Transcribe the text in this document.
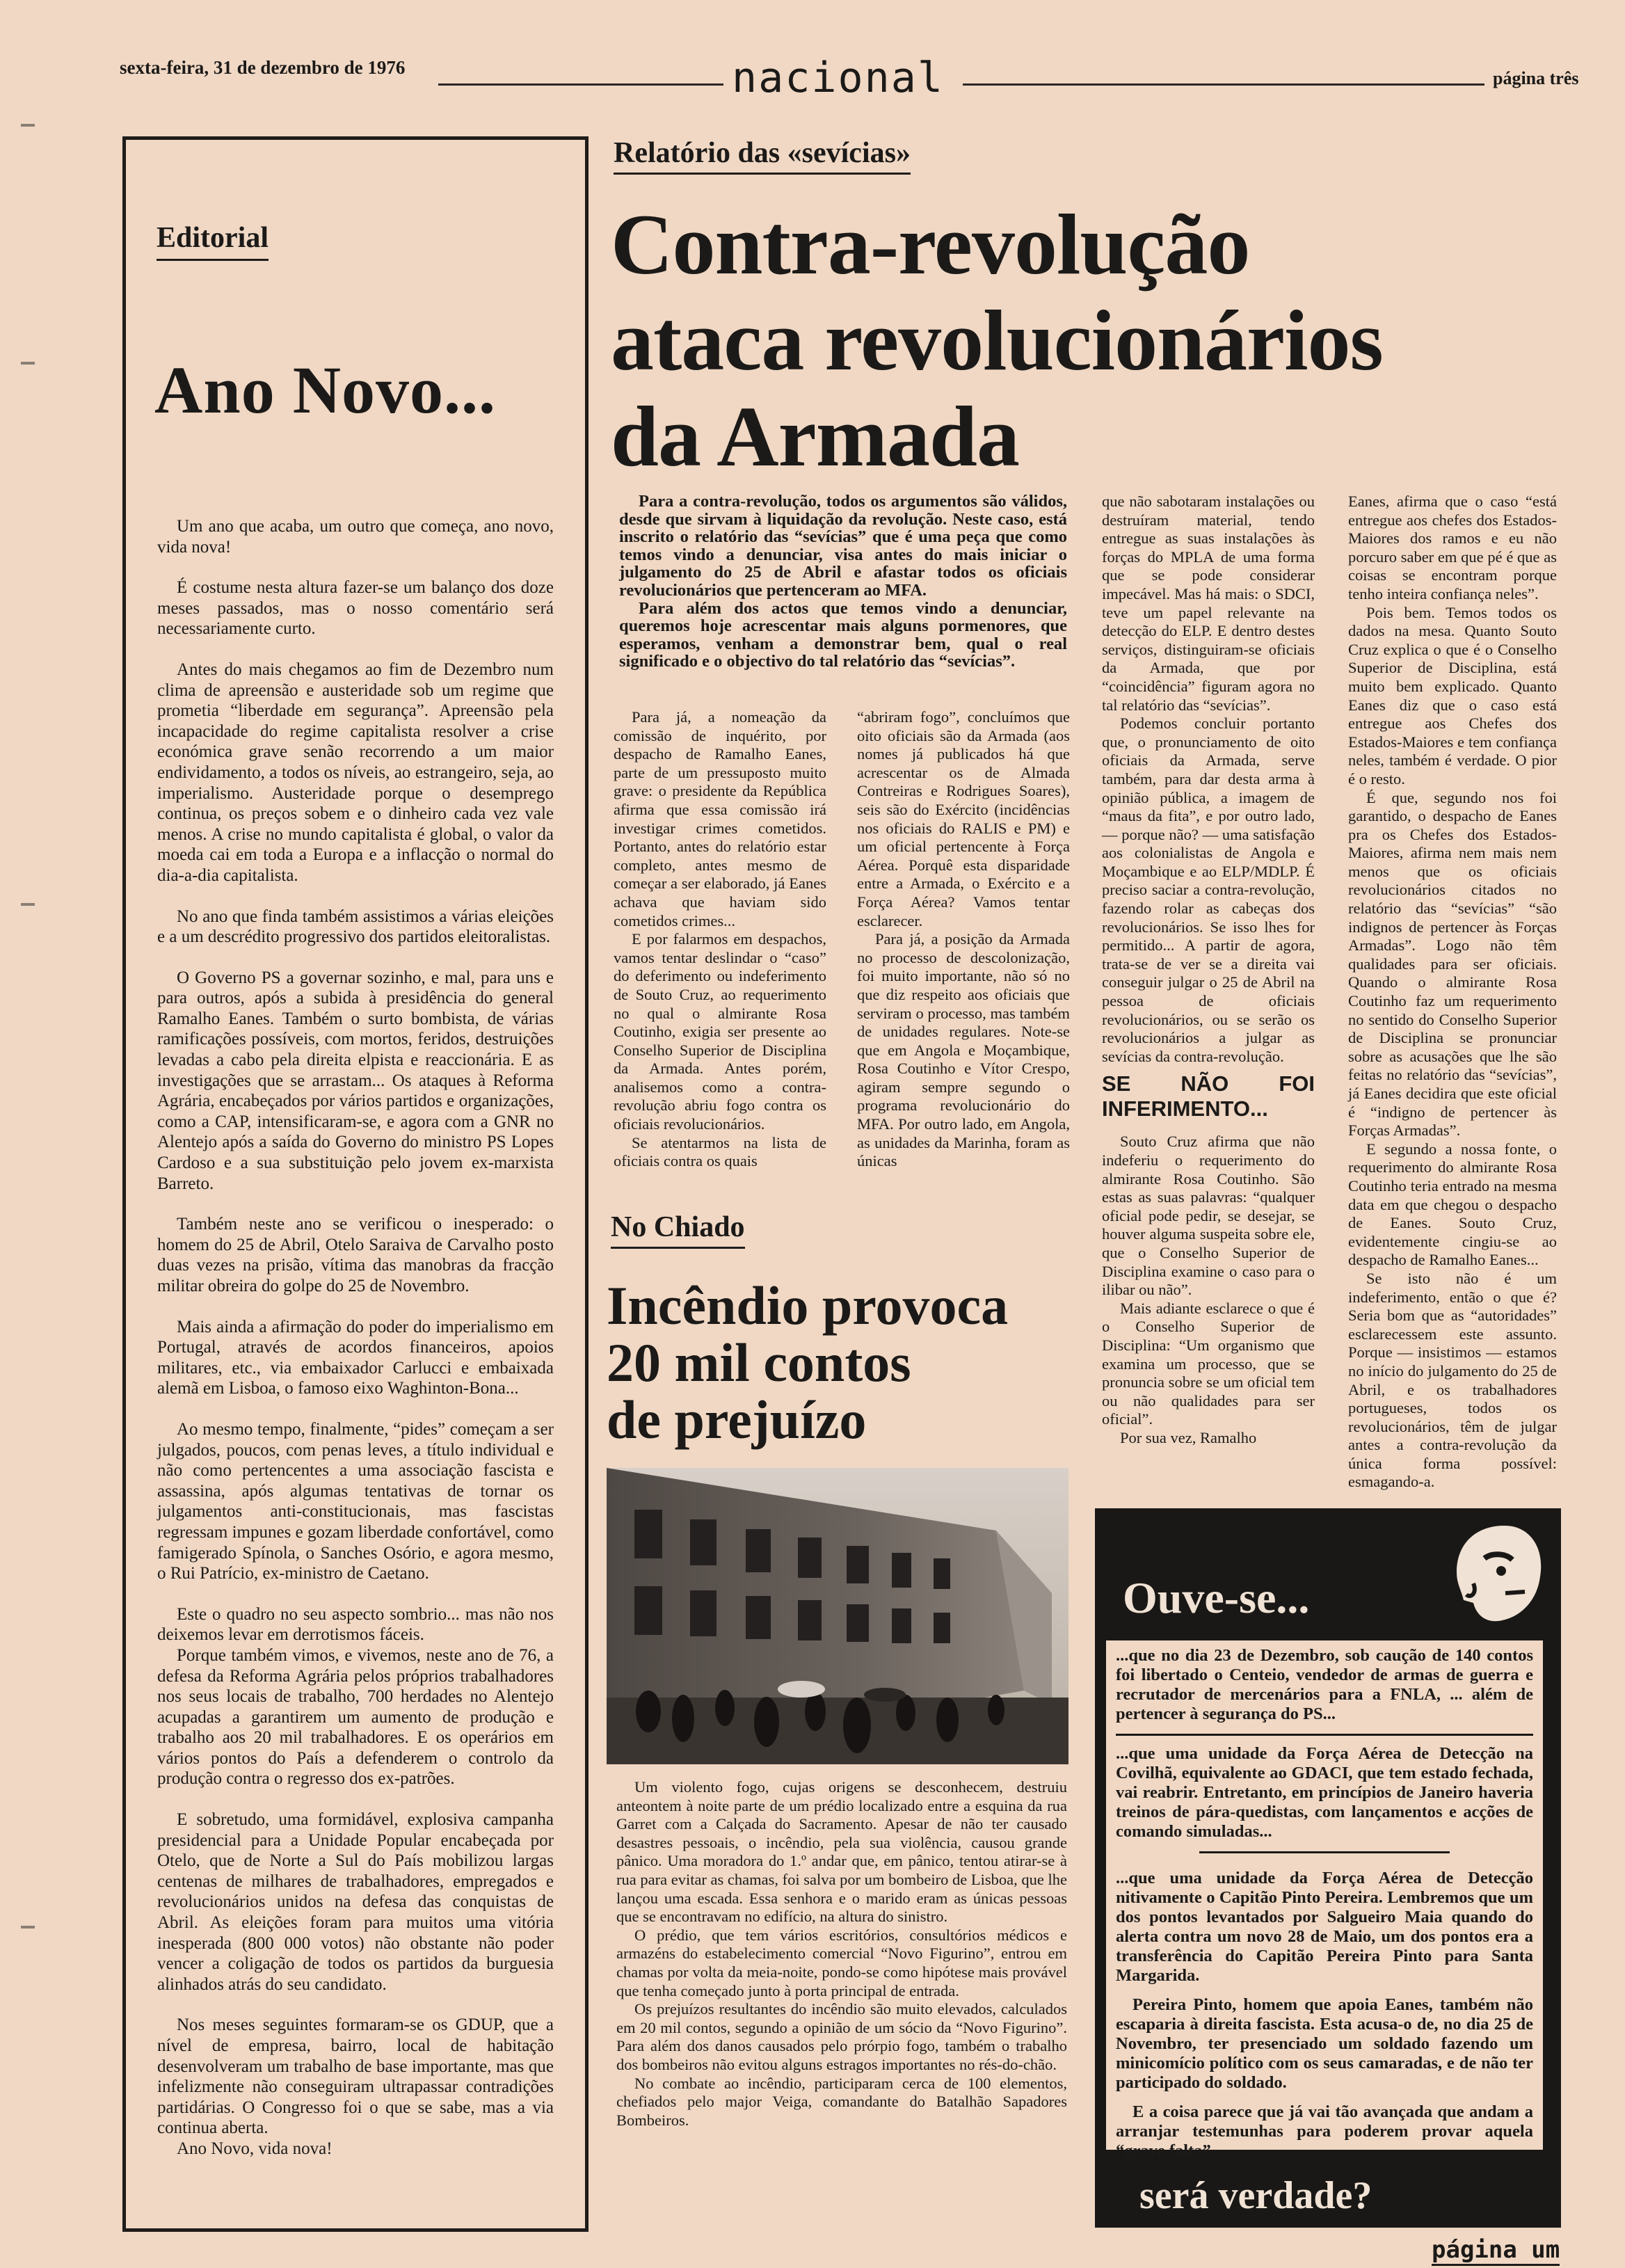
sexta-feira, 31 de dezembro de 1976	nacional	página três
Editorial
Ano Novo...

Um ano que acaba, um outro que começa, ano novo, vida nova!

É costume nesta altura fazer-se um balanço dos doze meses passados, mas o nosso comentário será necessariamente curto.

Antes do mais chegamos ao fim de Dezembro num clima de apreensão e austeridade sob um regime que prometia “liberdade em segurança”. Apreensão pela incapacidade do regime capitalista resolver a crise económica grave senão recorrendo a um maior endividamento, a todos os níveis, ao estrangeiro, seja, ao imperialismo. Austeridade porque o desemprego continua, os preços sobem e o dinheiro cada vez vale menos. A crise no mundo capitalista é global, o valor da moeda cai em toda a Europa e a inflacção o normal do dia-a-dia capitalista.

No ano que finda também assistimos a várias eleições e a um descrédito progressivo dos partidos eleitoralistas.

O Governo PS a governar sozinho, e mal, para uns e para outros, após a subida à presidência do general Ramalho Eanes. Também o surto bombista, de várias ramificações possíveis, com mortos, feridos, destruições levadas a cabo pela direita elpista e reaccionária. E as investigações que se arrastam... Os ataques à Reforma Agrária, encabeçados por vários partidos e organizações, como a CAP, intensificaram-se, e agora com a GNR no Alentejo após a saída do Governo do ministro PS Lopes Cardoso e a sua substituição pelo jovem ex-marxista Barreto.

Também neste ano se verificou o inesperado: o homem do 25 de Abril, Otelo Saraiva de Carvalho posto duas vezes na prisão, vítima das manobras da fracção militar obreira do golpe do 25 de Novembro.

Mais ainda a afirmação do poder do imperialismo em Portugal, através de acordos financeiros, apoios militares, etc., via embaixador Carlucci e embaixada alemã em Lisboa, o famoso eixo Waghinton-Bona...

Ao mesmo tempo, finalmente, “pides” começam a ser julgados, poucos, com penas leves, a título individual e não como pertencentes a uma associação fascista e assassina, após algumas tentativas de tornar os julgamentos anti-constitucionais, mas fascistas regressam impunes e gozam liberdade confortável, como famigerado Spínola, o Sanches Osório, e agora mesmo, o Rui Patrício, ex-ministro de Caetano.

Este o quadro no seu aspecto sombrio... mas não nos deixemos levar em derrotismos fáceis.

Porque também vimos, e vivemos, neste ano de 76, a defesa da Reforma Agrária pelos próprios trabalhadores nos seus locais de trabalho, 700 herdades no Alentejo acupadas a garantirem um aumento de produção e trabalho aos 20 mil trabalhadores. E os operários em vários pontos do País a defenderem o controlo da produção contra o regresso dos ex-patrões.

E sobretudo, uma formidável, explosiva campanha presidencial para a Unidade Popular encabeçada por Otelo, que de Norte a Sul do País mobilizou largas centenas de milhares de trabalhadores, empregados e revolucionários unidos na defesa das conquistas de Abril. As eleições foram para muitos uma vitória inesperada (800 000 votos) não obstante não poder vencer a coligação de todos os partidos da burguesia alinhados atrás do seu candidato.

Nos meses seguintes formaram-se os GDUP, que a nível de empresa, bairro, local de habitação desenvolveram um trabalho de base importante, mas que infelizmente não conseguiram ultrapassar contradições partidárias. O Congresso foi o que se sabe, mas a via continua aberta.

Ano Novo, vida nova!

Relatório das «sevícias»
Contra-revolução
ataca revolucionários
da Armada

Para a contra-revolução, todos os argumentos são válidos, desde que sirvam à liquidação da revolução. Neste caso, está inscrito o relatório das “sevícias” que é uma peça que como temos vindo a denunciar, visa antes do mais iniciar o julgamento do 25 de Abril e afastar todos os oficiais revolucionários que pertenceram ao MFA.

Para além dos actos que temos vindo a denunciar, queremos hoje acrescentar mais alguns pormenores, que esperamos, venham a demonstrar bem, qual o real significado e o objectivo do tal relatório das “sevícias”.

Para já, a nomeação da comissão de inquérito, por despacho de Ramalho Eanes, parte de um pressuposto muito grave: o presidente da República afirma que essa comissão irá investigar crimes cometidos. Portanto, antes do relatório estar completo, antes mesmo de começar a ser elaborado, já Eanes achava que haviam sido cometidos crimes...

E por falarmos em despachos, vamos tentar deslindar o “caso” do deferimento ou indeferimento de Souto Cruz, ao requerimento no qual o almirante Rosa Coutinho, exigia ser presente ao Conselho Superior de Disciplina da Armada. Antes porém, analisemos como a contra-revolução abriu fogo contra os oficiais revolucionários.

Se atentarmos na lista de oficiais contra os quais

“abriram fogo”, concluímos que oito oficiais são da Armada (aos nomes já publicados há que acrescentar os de Almada Contreiras e Rodrigues Soares), seis são do Exército (incidências nos oficiais do RALIS e PM) e um oficial pertencente à Força Aérea. Porquê esta disparidade entre a Armada, o Exército e a Força Aérea? Vamos tentar esclarecer.

Para já, a posição da Armada no processo de descolonização, foi muito importante, não só no que diz respeito aos oficiais que serviram o processo, mas também de unidades regulares. Note-se que em Angola e Moçambique, Rosa Coutinho e Vítor Crespo, agiram sempre segundo o programa revolucionário do MFA. Por outro lado, em Angola, as unidades da Marinha, foram as únicas

que não sabotaram instalações ou destruíram material, tendo entregue as suas instalações às forças do MPLA de uma forma que se pode considerar impecável. Mas há mais: o SDCI, teve um papel relevante na detecção do ELP. E dentro destes serviços, distinguiram-se oficiais da Armada, que por “coincidência” figuram agora no tal relatório das “sevícias”.

Podemos concluir portanto que, o pronunciamento de oito oficiais da Armada, serve também, para dar desta arma à opinião pública, a imagem de “maus da fita”, e por outro lado, — porque não? — uma satisfação aos colonialistas de Angola e Moçambique e ao ELP/MDLP. É preciso saciar a contra-revolução, fazendo rolar as cabeças dos revolucionários. Se isso lhes for permitido... A partir de agora, trata-se de ver se a direita vai conseguir julgar o 25 de Abril na pessoa de oficiais revolucionários, ou se serão os revolucionários a julgar as sevícias da contra-revolução.

SE NÃO FOI INFERIMENTO...

Souto Cruz afirma que não indeferiu o requerimento do almirante Rosa Coutinho. São estas as suas palavras: “qualquer oficial pode pedir, se desejar, se houver alguma suspeita sobre ele, que o Conselho Superior de Disciplina examine o caso para o ilibar ou não”.

Mais adiante esclarece o que é o Conselho Superior de Disciplina: “Um organismo que examina um processo, que se pronuncia sobre se um oficial tem ou não qualidades para ser oficial”.

Por sua vez, Ramalho

Eanes, afirma que o caso “está entregue aos chefes dos Estados-Maiores dos ramos e eu não porcuro saber em que pé é que as coisas se encontram porque tenho inteira confiança neles”.

Pois bem. Temos todos os dados na mesa. Quanto Souto Cruz explica o que é o Conselho Superior de Disciplina, está muito bem explicado. Quanto Eanes diz que o caso está entregue aos Chefes dos Estados-Maiores e tem confiança neles, também é verdade. O pior é o resto.

É que, segundo nos foi garantido, o despacho de Eanes pra os Chefes dos Estados-Maiores, afirma nem mais nem menos que os oficiais revolucionários citados no relatório das “sevícias” “são indignos de pertencer às Forças Armadas”. Logo não têm qualidades para ser oficiais. Quando o almirante Rosa Coutinho faz um requerimento no sentido do Conselho Superior de Disciplina se pronunciar sobre as acusações que lhe são feitas no relatório das “sevícias”, já Eanes decidira que este oficial é “indigno de pertencer às Forças Armadas”.

E segundo a nossa fonte, o requerimento do almirante Rosa Coutinho teria entrado na mesma data em que chegou o despacho de Eanes. Souto Cruz, evidentemente cingiu-se ao despacho de Ramalho Eanes...

Se isto não é um indeferimento, então o que é? Seria bom que as “autoridades” esclarecessem este assunto. Porque — insistimos — estamos no início do julgamento do 25 de Abril, e os trabalhadores portugueses, todos os revolucionários, têm de julgar antes a contra-revolução da única forma possível: esmagando-a.

No Chiado
Incêndio provoca
20 mil contos
de prejuízo

Um violento fogo, cujas origens se desconhecem, destruiu anteontem à noite parte de um prédio localizado entre a esquina da rua Garret com a Calçada do Sacramento. Apesar de não ter causado desastres pessoais, o incêndio, pela sua violência, causou grande pânico. Uma moradora do 1.º andar que, em pânico, tentou atirar-se à rua para evitar as chamas, foi salva por um bombeiro de Lisboa, que lhe lançou uma escada. Essa senhora e o marido eram as únicas pessoas que se encontravam no edifício, na altura do sinistro.

O prédio, que tem vários escritórios, consultórios médicos e armazéns do estabelecimento comercial “Novo Figurino”, entrou em chamas por volta da meia-noite, pondo-se como hipótese mais provável que tenha começado junto à porta principal de entrada.

Os prejuízos resultantes do incêndio são muito elevados, calculados em 20 mil contos, segundo a opinião de um sócio da “Novo Figurino”. Para além dos danos causados pelo prórpio fogo, também o trabalho dos bombeiros não evitou alguns estragos importantes no rés-do-chão.

No combate ao incêndio, participaram cerca de 100 elementos, chefiados pelo major Veiga, comandante do Batalhão Sapadores Bombeiros.

Ouve-se...

...que no dia 23 de Dezembro, sob caução de 140 contos foi libertado o Centeio, vendedor de armas de guerra e recrutador de mercenários para a FNLA, ... além de pertencer à segurança do PS...

...que uma unidade da Força Aérea de Detecção na Covilhã, equivalente ao GDACI, que tem estado fechada, vai reabrir. Entretanto, em princípios de Janeiro haveria treinos de pára-quedistas, com lançamentos e acções de comando simuladas...

...que uma unidade da Força Aérea de Detecção nitivamente o Capitão Pinto Pereira. Lembremos que um dos pontos levantados por Salgueiro Maia quando do alerta contra um novo 28 de Maio, um dos pontos era a transferência do Capitão Pereira Pinto para Santa Margarida.

Pereira Pinto, homem que apoia Eanes, também não escaparia à direita fascista. Esta acusa-o de, no dia 25 de Novembro, ter presenciado um soldado fazendo um minicomício político com os seus camaradas, e de não ter participado do soldado.

E a coisa parece que já vai tão avançada que andam a arranjar testemunhas para poderem provar aquela “grave falta”...

será verdade?
página um
